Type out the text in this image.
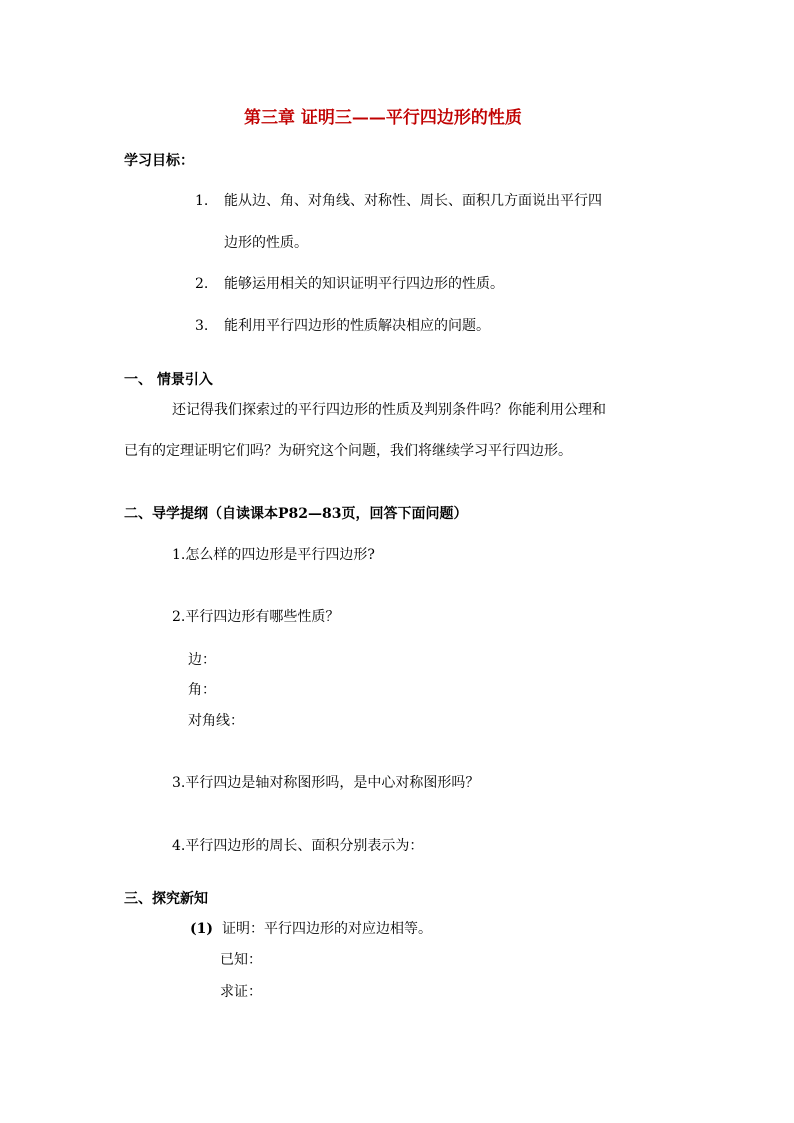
第三章 证明三——平行四边形的性质
学习目标：
1. 能从边、角、对角线、对称性、周长、面积几方面说出平行四
边形的性质。
2. 能够运用相关的知识证明平行四边形的性质。
3. 能利用平行四边形的性质解决相应的问题。
一、 情景引入
还记得我们探索过的平行四边形的性质及判别条件吗？你能利用公理和
已有的定理证明它们吗？为研究这个问题，我们将继续学习平行四边形。
二、导学提纲（自读课本P82—83页，回答下面问题）
1.怎么样的四边形是平行四边形?
2.平行四边形有哪些性质？
边：
角：
对角线：
3.平行四边是轴对称图形吗，是中心对称图形吗？
4.平行四边形的周长、面积分别表示为：
三、探究新知
(1) 证明：平行四边形的对应边相等。
已知：
求证：
